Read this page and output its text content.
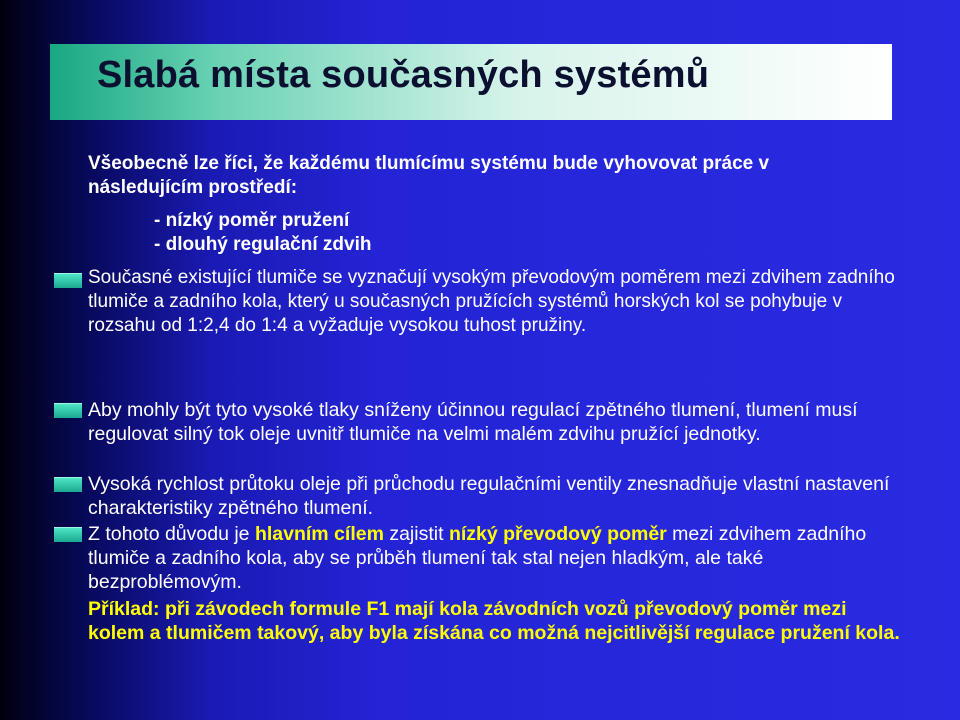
Slabá místa současných systémů
Všeobecně lze říci, že každému tlumícímu systému bude vyhovovat práce v následujícím prostředí:
- nízký poměr pružení
- dlouhý regulační zdvih

Současné existující tlumiče se vyznačují vysokým převodovým poměrem mezi zdvihem zadního tlumiče a zadního kola, který u současných pružících systémů horských kol se pohybuje v rozsahu od 1:2,4 do 1:4 a vyžaduje vysokou tuhost pružiny.

Aby mohly být tyto vysoké tlaky sníženy účinnou regulací zpětného tlumení, tlumení musí regulovat silný tok oleje uvnitř tlumiče na velmi malém zdvihu pružící jednotky.

Vysoká rychlost průtoku oleje při průchodu regulačními ventily znesnadňuje vlastní nastavení charakteristiky zpětného tlumení.

Z tohoto důvodu je hlavním cílem zajistit nízký převodový poměr mezi zdvihem zadního tlumiče a zadního kola, aby se průběh tlumení tak stal nejen hladkým, ale také bezproblémovým.

Příklad: při závodech formule F1 mají kola závodních vozů převodový poměr mezi kolem a tlumičem takový, aby byla získána co možná nejcitlivější regulace pružení kola.
